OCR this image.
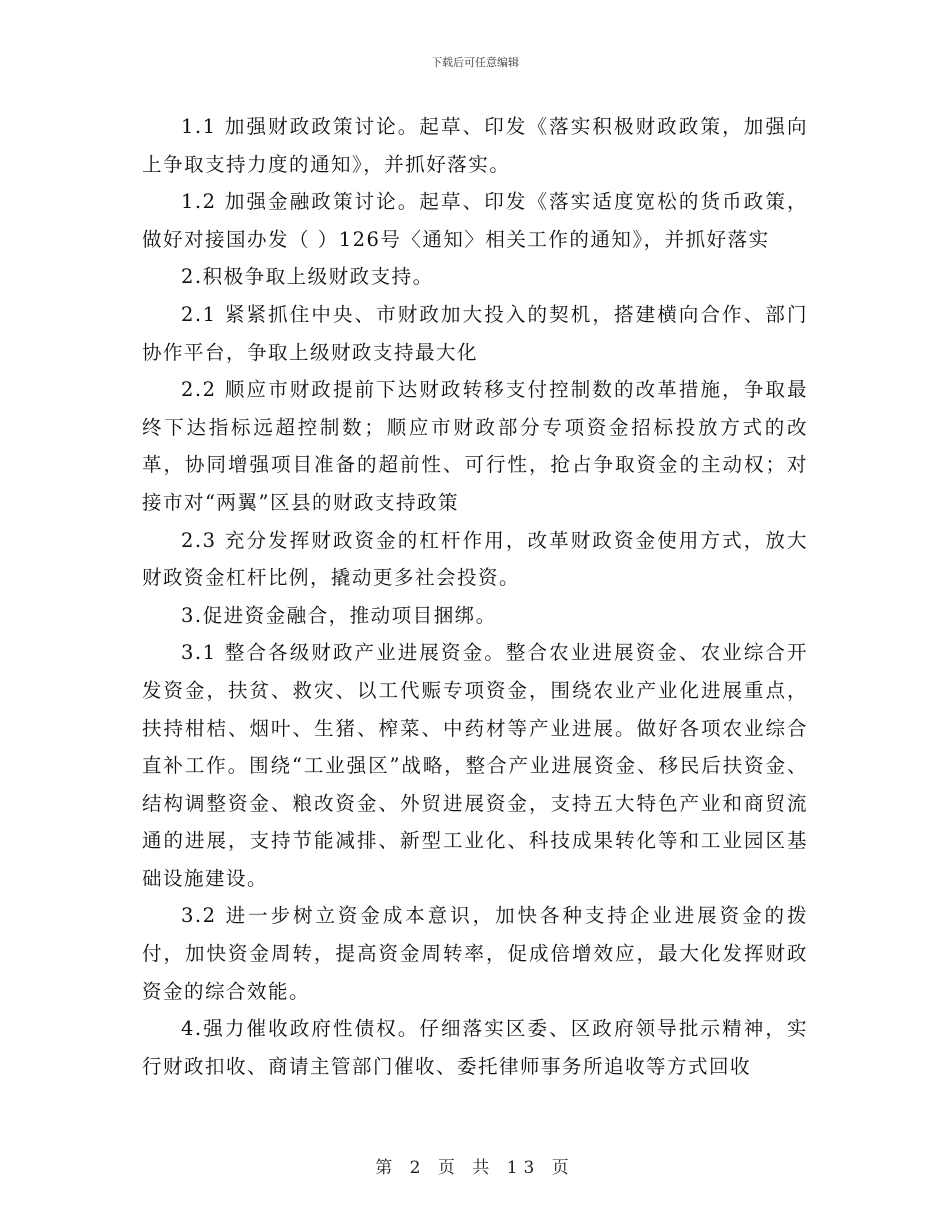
下载后可任意编辑

1.1 加强财政政策讨论。起草、印发《落实积极财政政策，加强向上争取支持力度的通知》，并抓好落实。

1.2 加强金融政策讨论。起草、印发《落实适度宽松的货币政策，做好对接国办发（ ）126号〈通知〉相关工作的通知》，并抓好落实

2.积极争取上级财政支持。

2.1 紧紧抓住中央、市财政加大投入的契机，搭建横向合作、部门协作平台，争取上级财政支持最大化

2.2 顺应市财政提前下达财政转移支付控制数的改革措施，争取最终下达指标远超控制数；顺应市财政部分专项资金招标投放方式的改革，协同增强项目准备的超前性、可行性，抢占争取资金的主动权；对接市对“两翼”区县的财政支持政策

2.3 充分发挥财政资金的杠杆作用，改革财政资金使用方式，放大财政资金杠杆比例，撬动更多社会投资。

3.促进资金融合，推动项目捆绑。

3.1 整合各级财政产业进展资金。整合农业进展资金、农业综合开发资金，扶贫、救灾、以工代赈专项资金，围绕农业产业化进展重点，扶持柑桔、烟叶、生猪、榨菜、中药材等产业进展。做好各项农业综合直补工作。围绕“工业强区”战略，整合产业进展资金、移民后扶资金、结构调整资金、粮改资金、外贸进展资金，支持五大特色产业和商贸流通的进展，支持节能减排、新型工业化、科技成果转化等和工业园区基础设施建设。

3.2 进一步树立资金成本意识，加快各种支持企业进展资金的拨付，加快资金周转，提高资金周转率，促成倍增效应，最大化发挥财政资金的综合效能。

4.强力催收政府性债权。仔细落实区委、区政府领导批示精神，实行财政扣收、商请主管部门催收、委托律师事务所追收等方式回收

第 2 页 共 13 页
